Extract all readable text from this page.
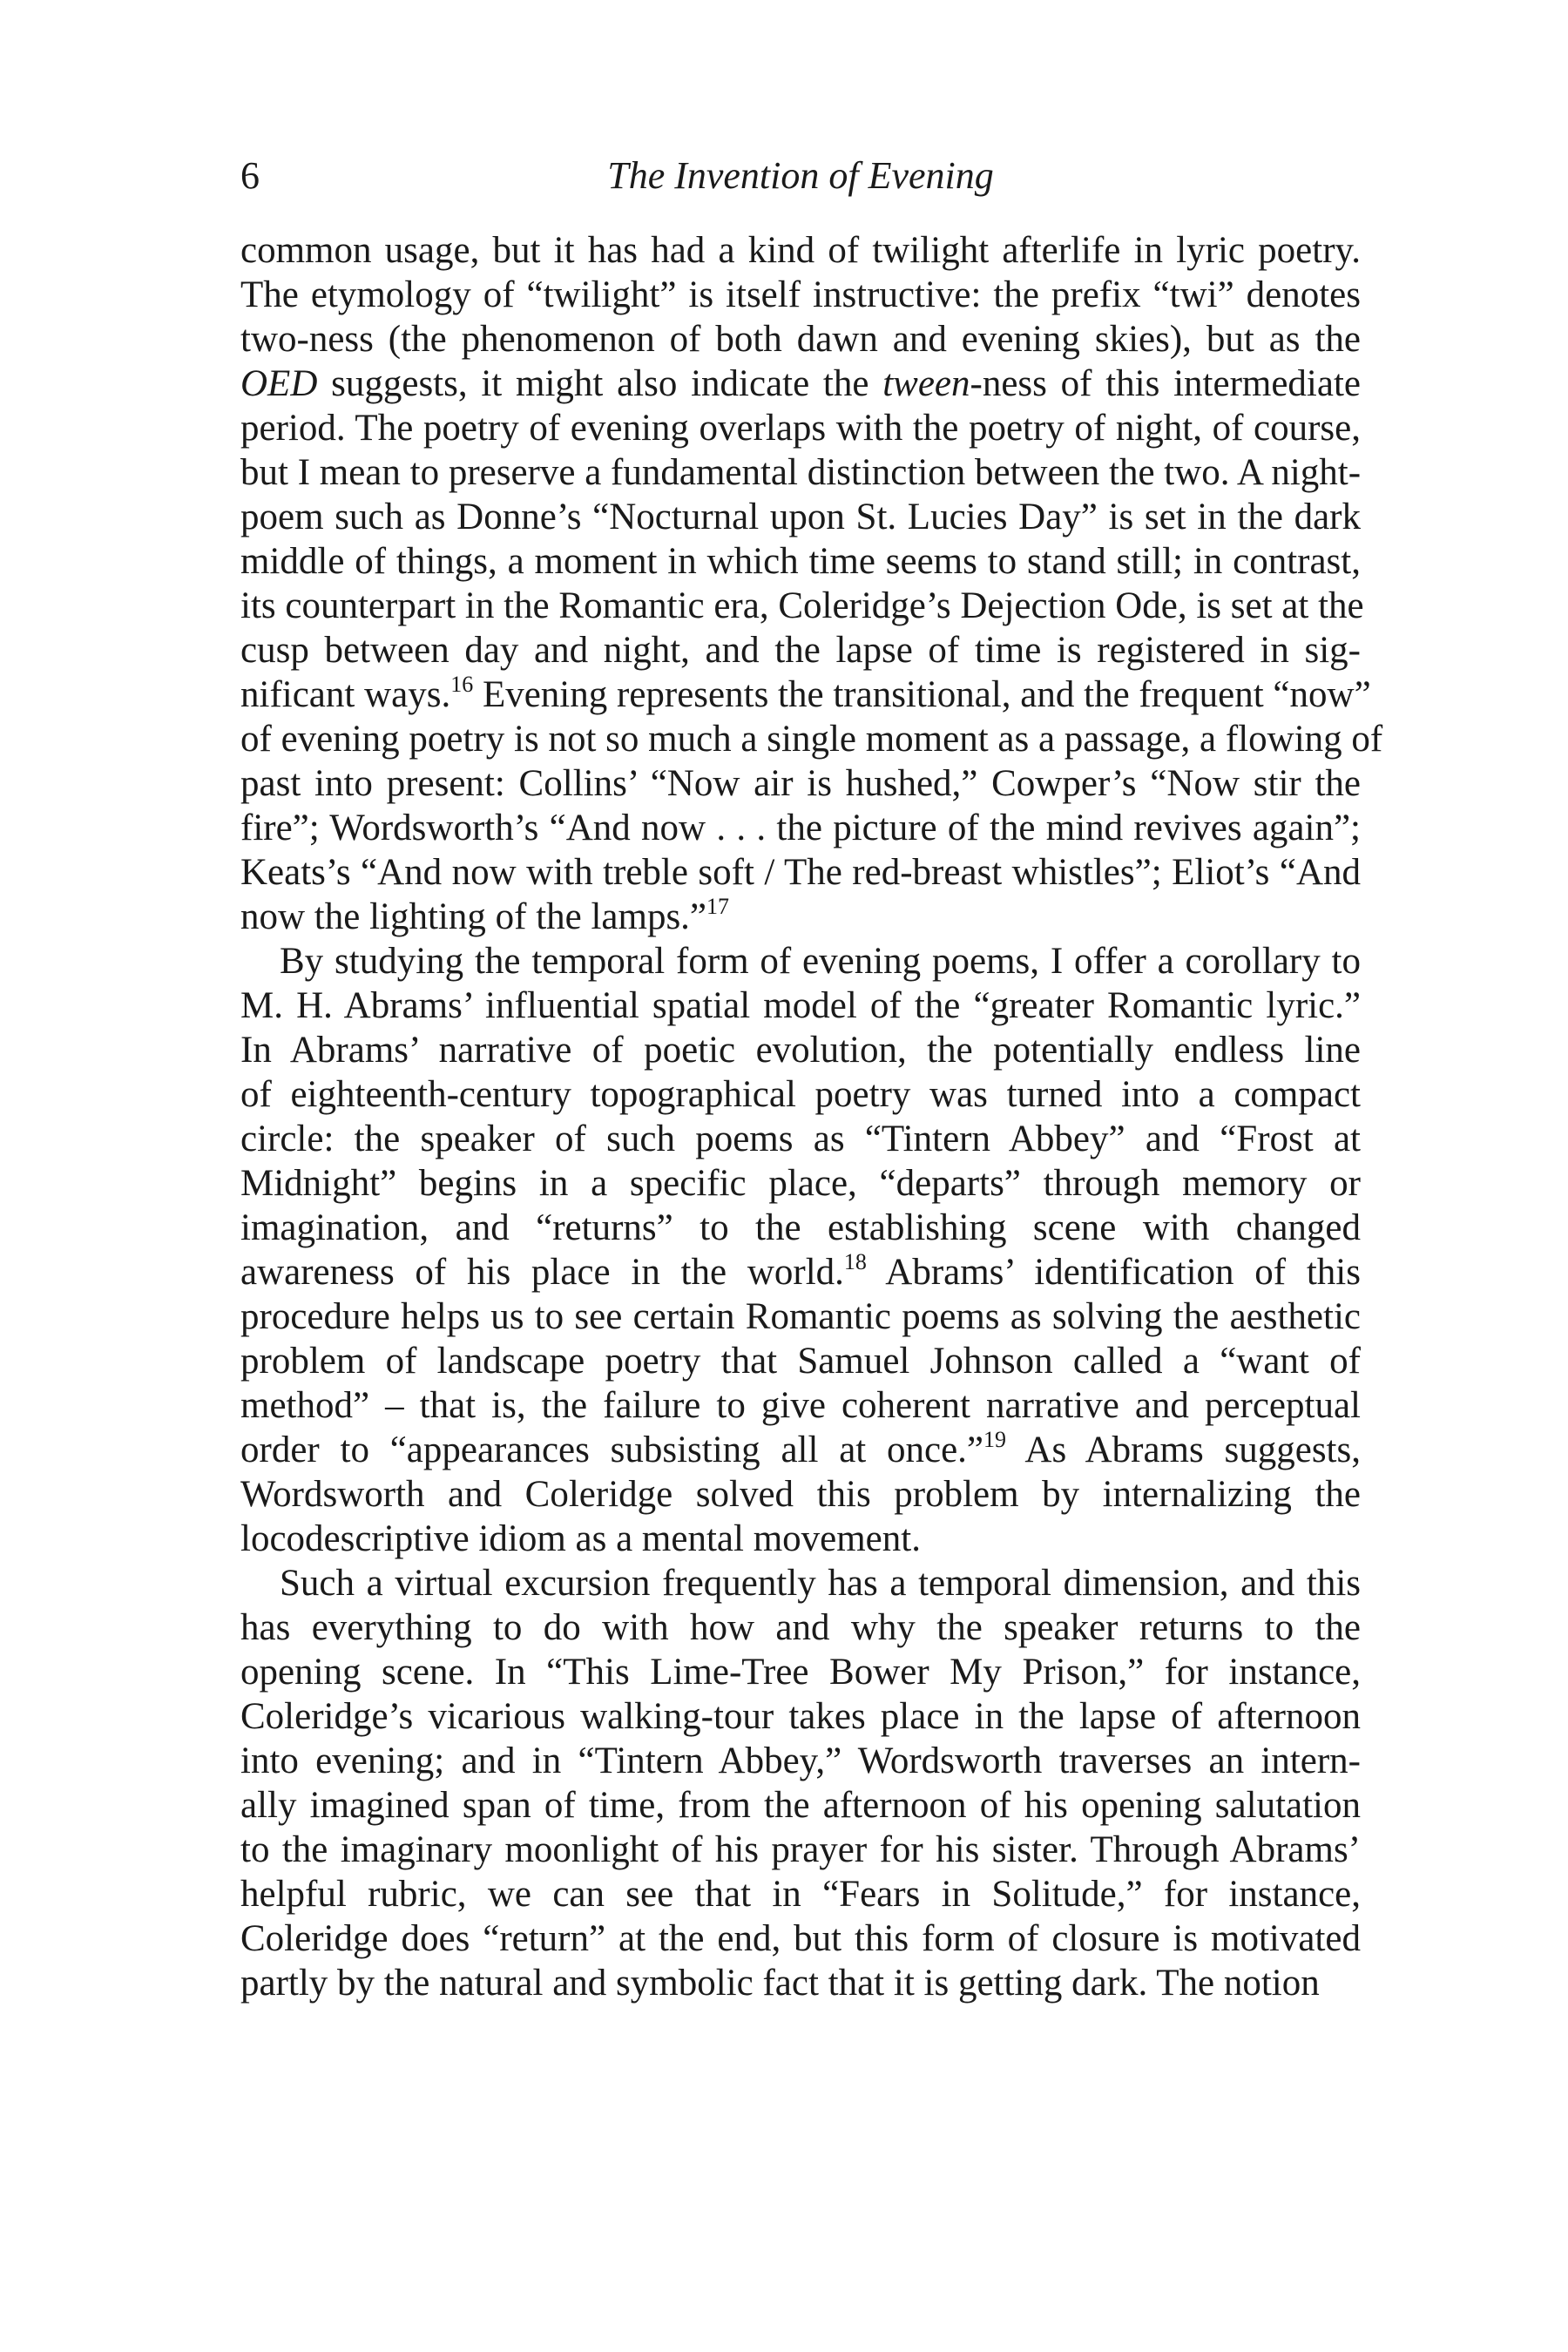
6	The Invention of Evening
common usage, but it has had a kind of twilight afterlife in lyric poetry.
The etymology of “twilight” is itself instructive: the prefix “twi” denotes
two-ness (the phenomenon of both dawn and evening skies), but as the
OED suggests, it might also indicate the tween-ness of this intermediate
period. The poetry of evening overlaps with the poetry of night, of course,
but I mean to preserve a fundamental distinction between the two. A night-
poem such as Donne’s “Nocturnal upon St. Lucies Day” is set in the dark
middle of things, a moment in which time seems to stand still; in contrast,
its counterpart in the Romantic era, Coleridge’s Dejection Ode, is set at the
cusp between day and night, and the lapse of time is registered in sig-
nificant ways.$^{16}$ Evening represents the transitional, and the frequent “now”
of evening poetry is not so much a single moment as a passage, a flowing of
past into present: Collins’ “Now air is hushed,” Cowper’s “Now stir the
fire”; Wordsworth’s “And now . . . the picture of the mind revives again”;
Keats’s “And now with treble soft / The red-breast whistles”; Eliot’s “And
now the lighting of the lamps.”$^{17}$
By studying the temporal form of evening poems, I offer a corollary to
M. H. Abrams’ influential spatial model of the “greater Romantic lyric.”
In Abrams’ narrative of poetic evolution, the potentially endless line
of eighteenth-century topographical poetry was turned into a compact
circle: the speaker of such poems as “Tintern Abbey” and “Frost at
Midnight” begins in a specific place, “departs” through memory or
imagination, and “returns” to the establishing scene with changed
awareness of his place in the world.$^{18}$ Abrams’ identification of this
procedure helps us to see certain Romantic poems as solving the aesthetic
problem of landscape poetry that Samuel Johnson called a “want of
method” – that is, the failure to give coherent narrative and perceptual
order to “appearances subsisting all at once.”$^{19}$ As Abrams suggests,
Wordsworth and Coleridge solved this problem by internalizing the
locodescriptive idiom as a mental movement.
Such a virtual excursion frequently has a temporal dimension, and this
has everything to do with how and why the speaker returns to the
opening scene. In “This Lime-Tree Bower My Prison,” for instance,
Coleridge’s vicarious walking-tour takes place in the lapse of afternoon
into evening; and in “Tintern Abbey,” Wordsworth traverses an intern-
ally imagined span of time, from the afternoon of his opening salutation
to the imaginary moonlight of his prayer for his sister. Through Abrams’
helpful rubric, we can see that in “Fears in Solitude,” for instance,
Coleridge does “return” at the end, but this form of closure is motivated
partly by the natural and symbolic fact that it is getting dark. The notion
